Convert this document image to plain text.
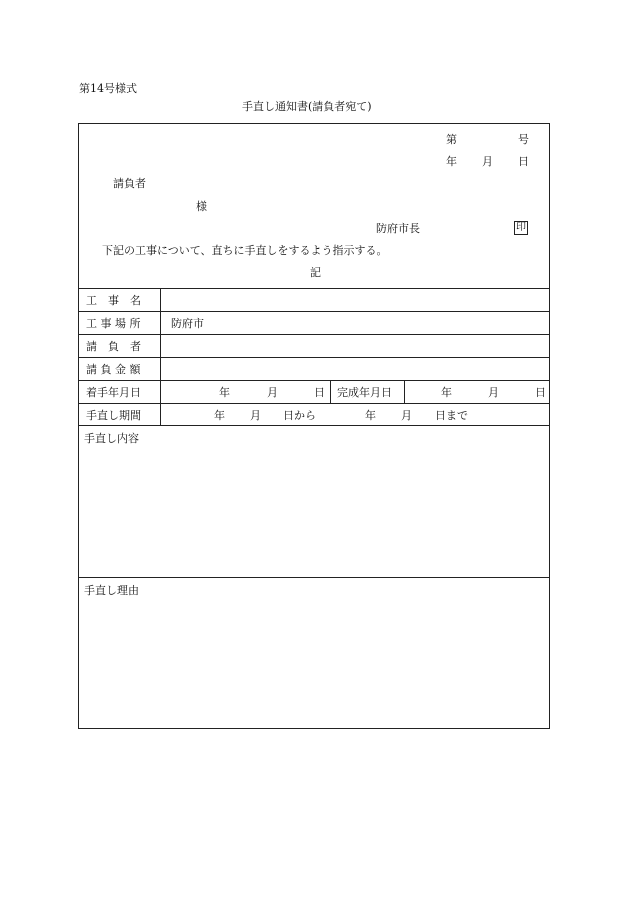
第14号様式
手直し通知書(請負者宛て)
第	号
年 月 日
請負者
様
防府市長	印
下記の工事について、直ちに手直しをするよう指示する。
記
工　事　名
工 事 場 所	防府市
請　負　者
請 負 金 額
着手年月日	年	月	日 完成年月日	年	月	日
手直し期間	年 月 日から	年 月 日まで
手直し内容
手直し理由
